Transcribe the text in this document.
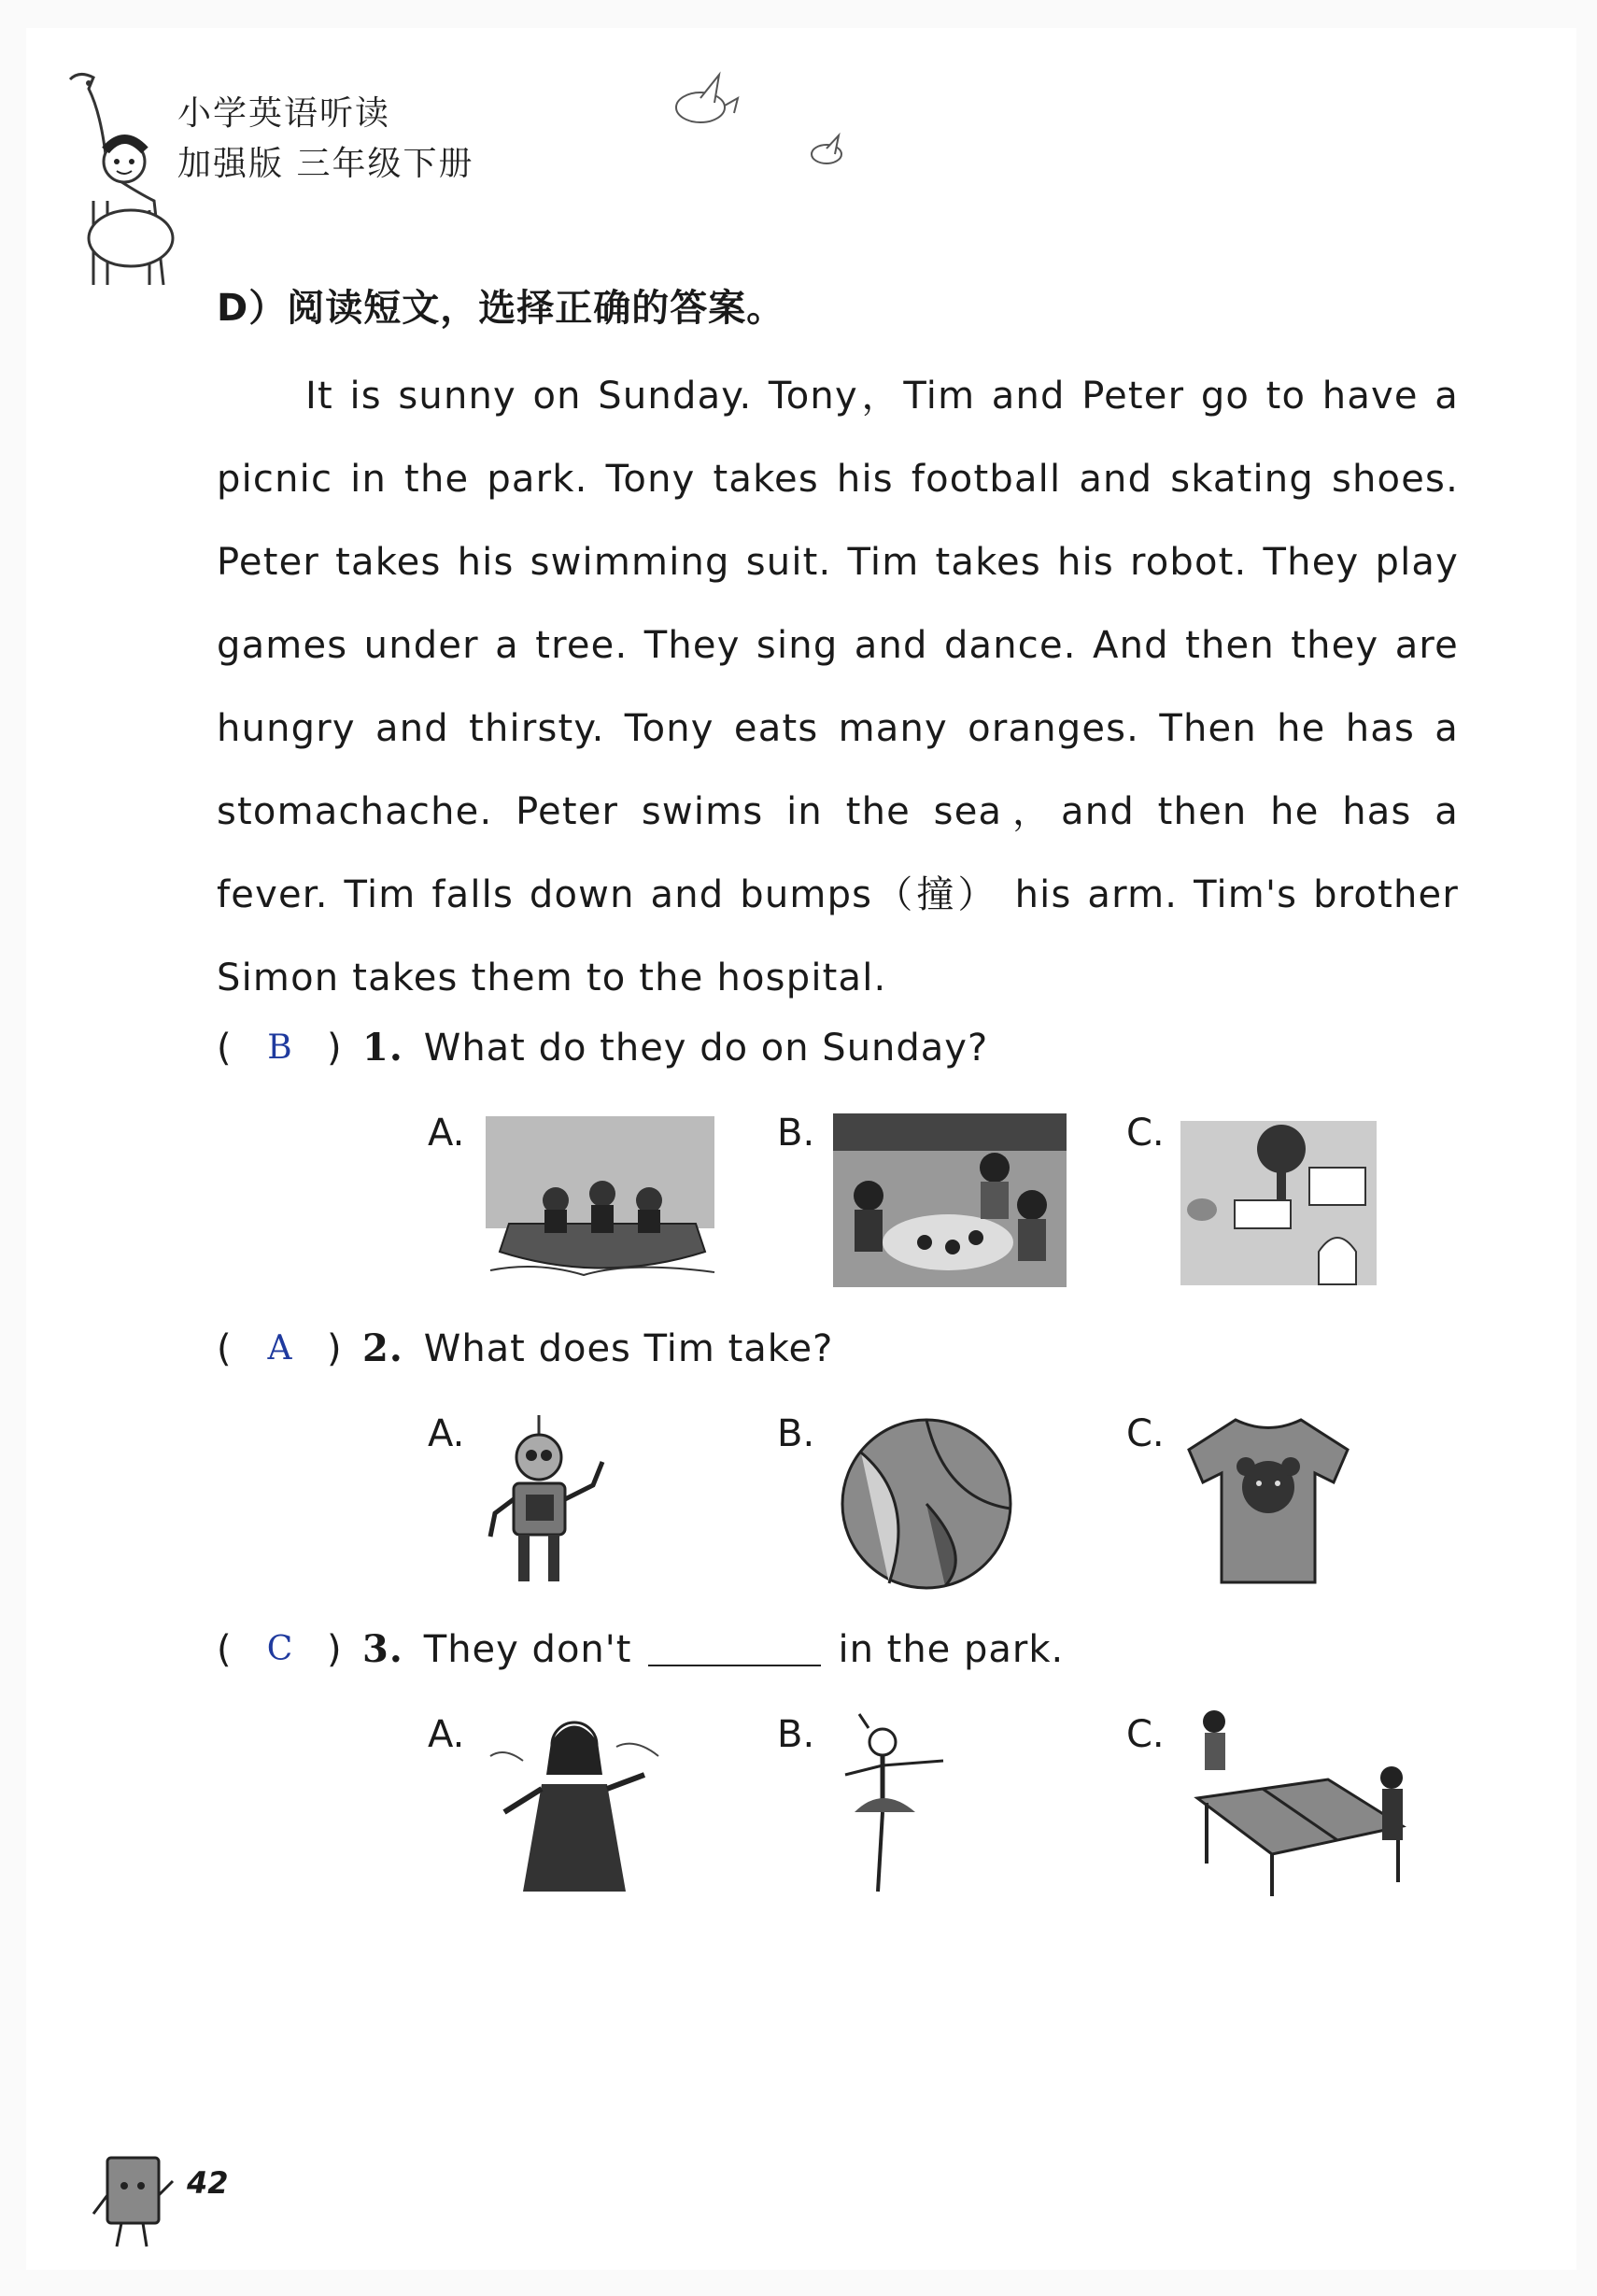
小学英语听读
加强版 三年级下册
D）阅读短文，选择正确的答案。

It is sunny on Sunday. Tony，Tim and Peter go to have a picnic in the park. Tony takes his football and skating shoes. Peter takes his swimming suit. Tim takes his robot. They play games under a tree. They sing and dance. And then they are hungry and thirsty. Tony eats many oranges. Then he has a stomachache. Peter swims in the sea，and then he has a fever. Tim falls down and bumps（撞） his arm. Tim's brother Simon takes them to the hospital.

(	B ) 1. What do they do on Sunday?
A.	B.	C.
(	A ) 2. What does Tim take?
A.	B.	C.
(	C ) 3. They don't	in the park.
A.	B.	C.
42
